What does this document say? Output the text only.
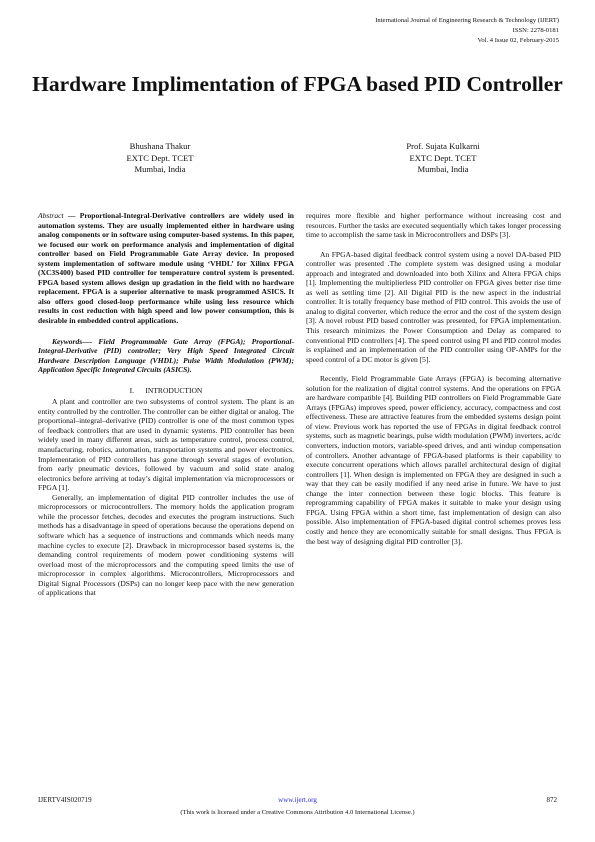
International Journal of Engineering Research & Technology (IJERT)
ISSN: 2278-0181
Vol. 4 Issue 02, February-2015
Hardware Implimentation of FPGA based PID Controller
Bhushana Thakur
EXTC Dept. TCET
Mumbai, India
Prof. Sujata Kulkarni
EXTC Dept. TCET
Mumbai, India

Abstract — Proportional-Integral-Derivative controllers are widely used in automation systems. They are usually implemented either in hardware using analog components or in software using computer-based systems. In this paper, we focused our work on performance analysis and implementation of digital controller based on Field Programmable Gate Array device. In proposed system implementation of software module using ‘VHDL’ for Xilinx FPGA (XC3S400) based PID controller for temperature control system is presented. FPGA based system allows design up gradation in the field with no hardware replacement. FPGA is a superior alternative to mask programmed ASICS. It also offers good closed-loop performance while using less resource which results in cost reduction with high speed and low power consumption, this is desirable in embedded control applications.

Keywords—- Field Programmable Gate Array (FPGA); Proportional-Integral-Derivative (PID) controller; Very High Speed Integrated Circuit Hardware Description Language (VHDL); Pulse Width Modulation (PWM); Application Specific Integrated Circuits (ASICS).

I. INTRODUCTION

A plant and controller are two subsystems of control system. The plant is an entity controlled by the controller. The controller can be either digital or analog. The proportional–integral–derivative (PID) controller is one of the most common types of feedback controllers that are used in dynamic systems. PID controller has been widely used in many different areas, such as temperature control, process control, manufacturing, robotics, automation, transportation systems and power electronics. Implementation of PID controllers has gone through several stages of evolution, from early pneumatic devices, followed by vacuum and solid state analog electronics before arriving at today’s digital implementation via microprocessors or FPGA [1].

Generally, an implementation of digital PID controller includes the use of microprocessors or microcontrollers. The memory holds the application program while the processor fetches, decodes and executes the program instructions. Such methods has a disadvantage in speed of operations because the operations depend on software which has a sequence of instructions and commands which needs many machine cycles to execute [2]. Drawback in microprocessor based systems is, the demanding control requirements of modern power conditioning systems will overload most of the microprocessors and the computing speed limits the use of microprocessor in complex algorithms. Microcontrollers, Microprocessors and Digital Signal Processors (DSPs) can no longer keep pace with the new generation of applications that

requires more flexible and higher performance without increasing cost and resources. Further the tasks are executed sequentially which takes longer processing time to accomplish the same task in Microcontrollers and DSPs [3].

An FPGA-based digital feedback control system using a novel DA-based PID controller was presented .The complete system was designed using a modular approach and integrated and downloaded into both Xilinx and Altera FPGA chips [1]. Implementing the multiplierless PID controller on FPGA gives better rise time as well as settling time [2]. All Digital PID is the new aspect in the industrial controller. It is totally frequency base method of PID control. This avoids the use of analog to digital converter, which reduce the error and the cost of the system design [3]. A novel robust PID based controller was presented, for FPGA implementation. This research minimizes the Power Consumption and Delay as compared to conventional PID controllers [4]. The speed control using PI and PID control modes is explained and an implementation of the PID controller using OP-AMPs for the speed control of a DC motor is given [5].

Recently, Field Programmable Gate Arrays (FPGA) is becoming alternative solution for the realization of digital control systems. And the operations on FPGA are hardware compatible [4]. Building PID controllers on Field Programmable Gate Arrays (FPGAs) improves speed, power efficiency, accuracy, compactness and cost effectiveness. These are attractive features from the embedded systems design point of view. Previous work has reported the use of FPGAs in digital feedback control systems, such as magnetic bearings, pulse width modulation (PWM) inverters, ac/dc converters, induction motors, variable-speed drives, and anti windup compensation of controllers. Another advantage of FPGA-based platforms is their capability to execute concurrent operations which allows parallel architectural design of digital controllers [1]. When design is implemented on FPGA they are designed in such a way that they can be easily modified if any need arise in future. We have to just change the inter connection between these logic blocks. This feature is reprogramming capability of FPGA makes it suitable to make your design using FPGA. Using FPGA within a short time, fast implementation of design can also possible. Also implementation of FPGA-based digital control schemes proves less costly and hence they are economically suitable for small designs. Thus FPGA is the best way of designing digital PID controller [3].

IJERTV4IS020719	www.ijert.org	872
(This work is licensed under a Creative Commons Attribution 4.0 International License.)
